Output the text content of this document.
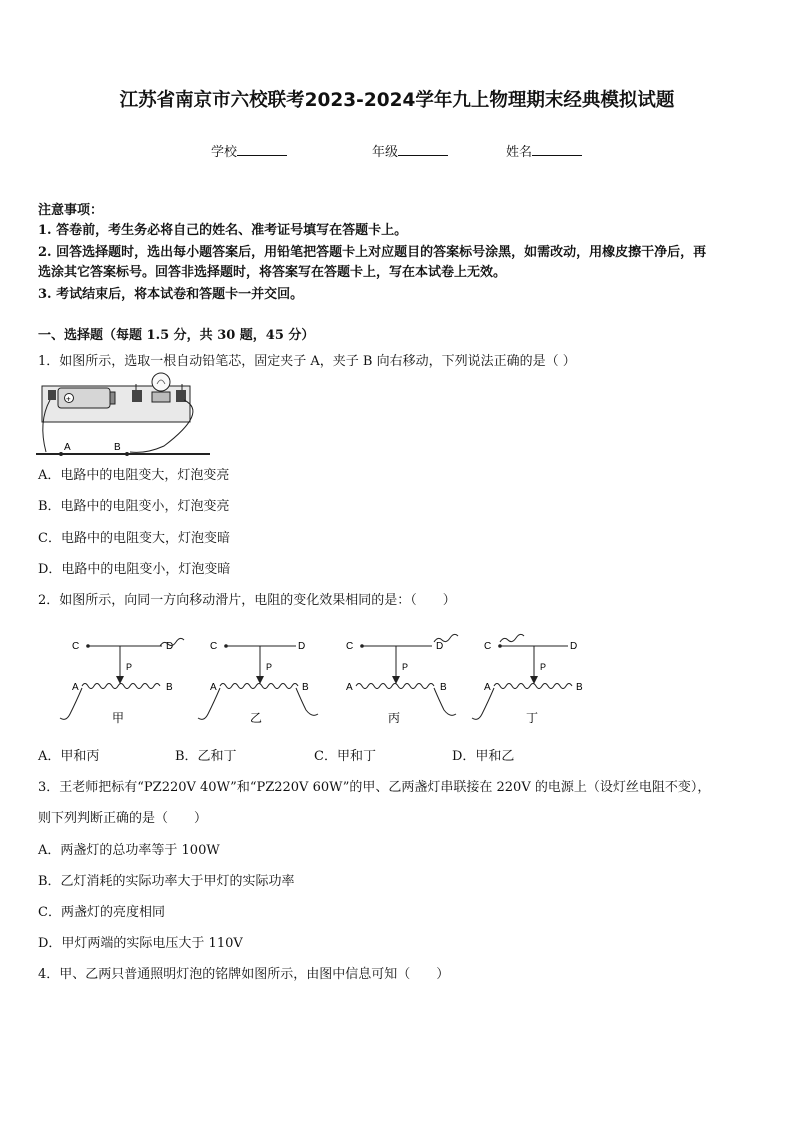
江苏省南京市六校联考2023-2024学年九上物理期末经典模拟试题
学校	年级	姓名
注意事项：
1. 答卷前，考生务必将自己的姓名、准考证号填写在答题卡上。
2. 回答选择题时，选出每小题答案后，用铅笔把答题卡上对应题目的答案标号涂黑，如需改动，用橡皮擦干净后，再
选涂其它答案标号。回答非选择题时，将答案写在答题卡上，写在本试卷上无效。
3. 考试结束后，将本试卷和答题卡一并交回。
一、选择题（每题 1.5 分，共 30 题，45 分）
1．如图所示，选取一根自动铅笔芯，固定夹子 A，夹子 B 向右移动，下列说法正确的是（ ）
+
A	B
A．电路中的电阻变大，灯泡变亮
B．电路中的电阻变小，灯泡变亮
C．电路中的电阻变大，灯泡变暗
D．电路中的电阻变小，灯泡变暗
2．如图所示，向同一方向移动滑片，电阻的变化效果相同的是：（　　）
C	D
P
A	B
甲
C	D
P
A	B
乙
C	D
P
A	B
丙
C	D
P
A	B
丁
A．甲和丙	B．乙和丁	C．甲和丁	D．甲和乙
3．王老师把标有“PZ220V 40W”和“PZ220V 60W”的甲、乙两盏灯串联接在 220V 的电源上（设灯丝电阻不变），
则下列判断正确的是（　　）
A．两盏灯的总功率等于 100W
B．乙灯消耗的实际功率大于甲灯的实际功率
C．两盏灯的亮度相同
D．甲灯两端的实际电压大于 110V
4．甲、乙两只普通照明灯泡的铭牌如图所示，由图中信息可知（　　）
